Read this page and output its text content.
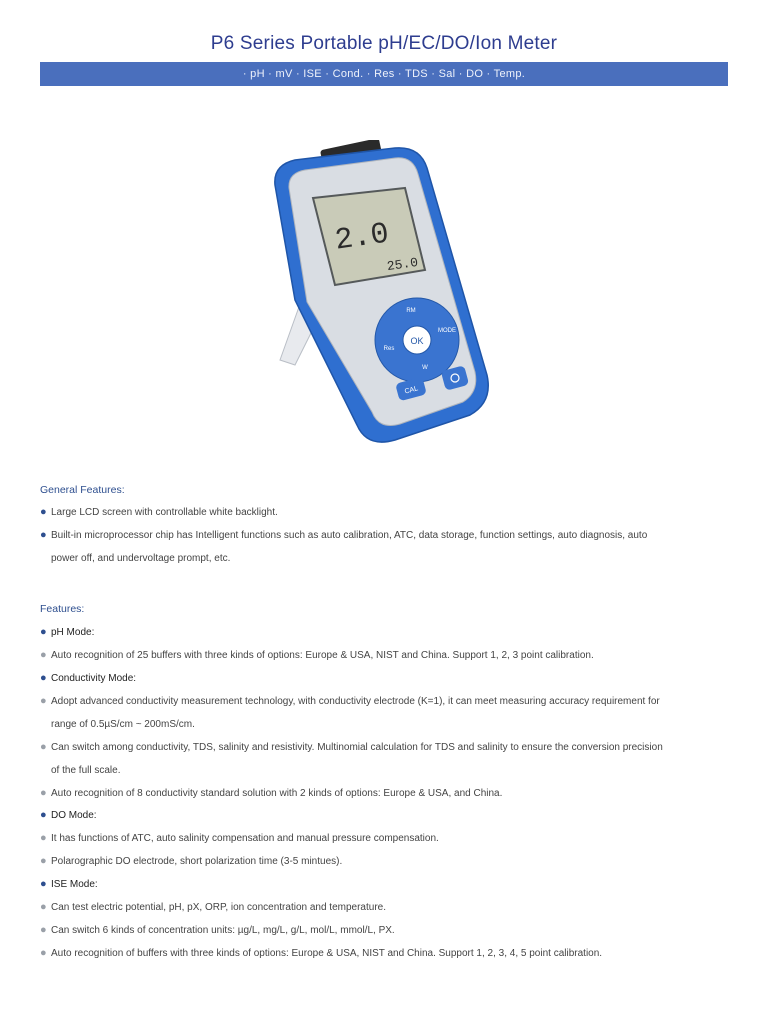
P6 Series Portable pH/EC/DO/Ion Meter
· pH · mV · ISE · Cond. · Res · TDS · Sal · DO · Temp.
2.0
25.0
OK
RM
MODE
Res
W
CAL
General Features:
● Large LCD screen with controllable white backlight.
● Built-in microprocessor chip has Intelligent functions such as auto calibration, ATC, data storage, function settings, auto diagnosis, auto
power off, and undervoltage prompt, etc.
Features:
● pH Mode:
● Auto recognition of 25 buffers with three kinds of options: Europe & USA, NIST and China. Support 1, 2, 3 point calibration.
● Conductivity Mode:
● Adopt advanced conductivity measurement technology, with conductivity electrode (K=1), it can meet measuring accuracy requirement for
range of 0.5µS/cm ~ 200mS/cm.
● Can switch among conductivity, TDS, salinity and resistivity. Multinomial calculation for TDS and salinity to ensure the conversion precision
of the full scale.
● Auto recognition of 8 conductivity standard solution with 2 kinds of options: Europe & USA, and China.
● DO Mode:
● It has functions of ATC, auto salinity compensation and manual pressure compensation.
● Polarographic DO electrode, short polarization time (3-5 mintues).
● ISE Mode:
● Can test electric potential, pH, pX, ORP, ion concentration and temperature.
● Can switch 6 kinds of concentration units: µg/L, mg/L, g/L, mol/L, mmol/L, PX.
● Auto recognition of buffers with three kinds of options: Europe & USA, NIST and China. Support 1, 2, 3, 4, 5 point calibration.
